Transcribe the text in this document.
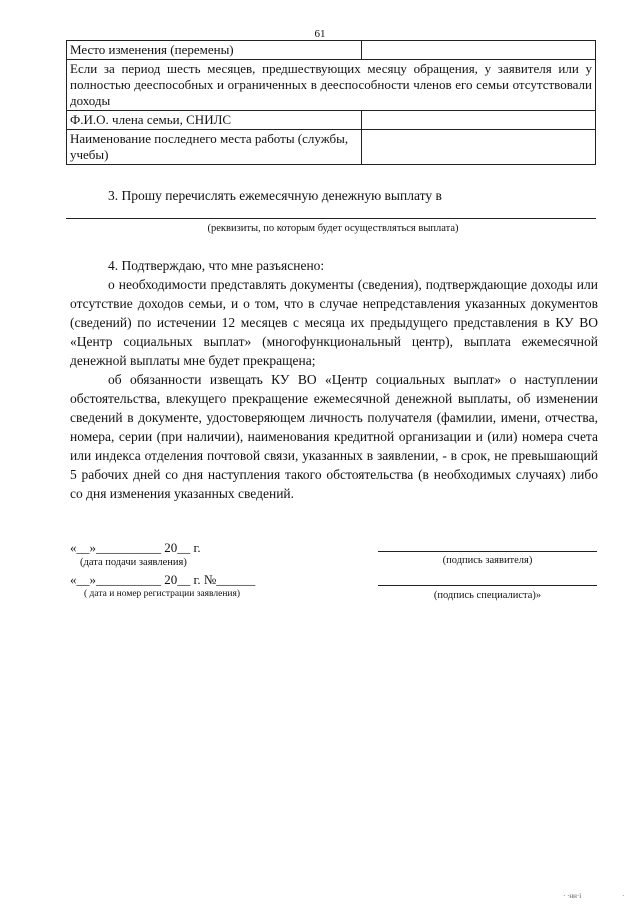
61
Место изменения (перемены)	
Если за период шесть месяцев, предшествующих месяцу обращения, у заявителя или у полностью дееспособных и ограниченных в дееспособности членов его семьи отсутствовали доходы	
Ф.И.О. члена семьи, СНИЛС	
Наименование последнего места работы (службы, учебы)	
3. Прошу перечислять ежемесячную денежную выплату в
(реквизиты, по которым будет осуществляться выплата)
4. Подтверждаю, что мне разъяснено:

о необходимости представлять документы (сведения), подтверждающие доходы или отсутствие доходов семьи, и о том, что в случае непредставления указанных документов (сведений) по истечении 12 месяцев с месяца их предыдущего представления в КУ ВО «Центр социальных выплат» (многофункциональный центр), выплата ежемесячной денежной выплаты мне будет прекращена;

об обязанности извещать КУ ВО «Центр социальных выплат» о наступлении обстоятельства, влекущего прекращение ежемесячной денежной выплаты, об изменении сведений в документе, удостоверяющем личность получателя (фамилии, имени, отчества, номера, серии (при наличии), наименования кредитной организации и (или) номера счета или индекса отделения почтовой связи, указанных в заявлении, - в срок, не превышающий 5 рабочих дней со дня наступления такого обстоятельства (в необходимых случаях) либо со дня изменения указанных сведений.

«__»__________ 20__ г.
(дата подачи заявления)	(подпись заявителя)
«__»__________ 20__ г. №______
( дата и номер регистрации заявления)	(подпись специалиста)»
· ·нн·і	·
